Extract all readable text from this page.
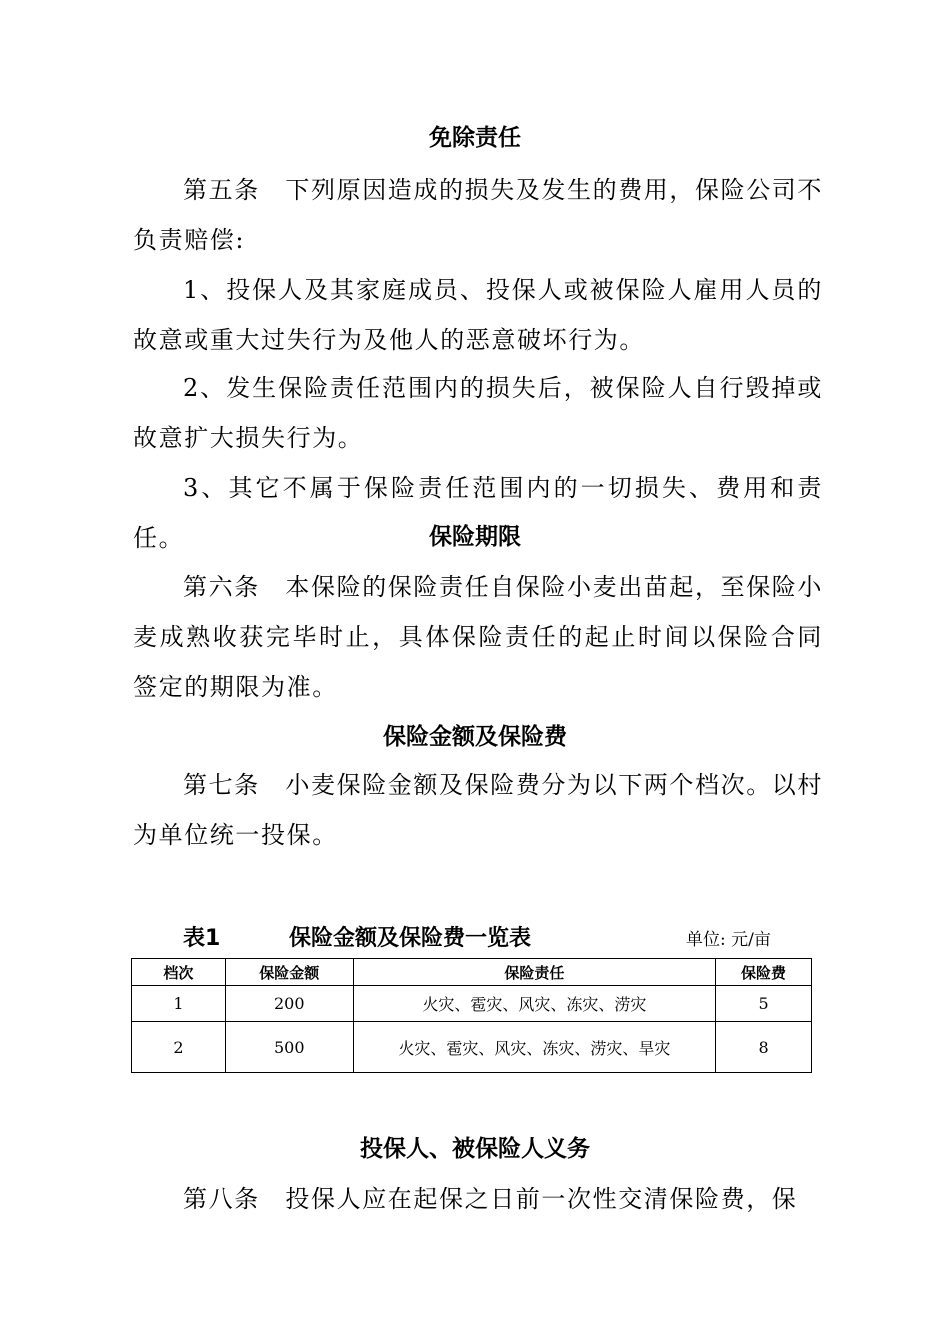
免除责任

第五条　下列原因造成的损失及发生的费用，保险公司不负责赔偿:

1、投保人及其家庭成员、投保人或被保险人雇用人员的故意或重大过失行为及他人的恶意破坏行为。

2、发生保险责任范围内的损失后，被保险人自行毁掉或故意扩大损失行为。

3、其它不属于保险责任范围内的一切损失、费用和责任。	保险期限

第六条　本保险的保险责任自保险小麦出苗起，至保险小麦成熟收获完毕时止，具体保险责任的起止时间以保险合同签定的期限为准。

保险金额及保险费

第七条　小麦保险金额及保险费分为以下两个档次。以村为单位统一投保。

表1	保险金额及保险费一览表	单位: 元/亩
档次	保险金额	保险责任	保险费
1	200	火灾、雹灾、风灾、冻灾、涝灾	5
2	500	火灾、雹灾、风灾、冻灾、涝灾、旱灾	8
投保人、被保险人义务

第八条　投保人应在起保之日前一次性交清保险费，保
